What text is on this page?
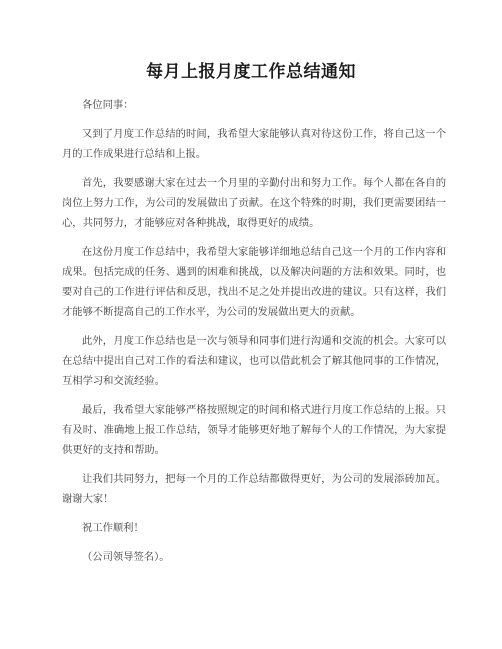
每月上报月度工作总结通知

各位同事：

又到了月度工作总结的时间，我希望大家能够认真对待这份工作，将自己这一个月的工作成果进行总结和上报。

首先，我要感谢大家在过去一个月里的辛勤付出和努力工作。每个人都在各自的岗位上努力工作，为公司的发展做出了贡献。在这个特殊的时期，我们更需要团结一心，共同努力，才能够应对各种挑战，取得更好的成绩。

在这份月度工作总结中，我希望大家能够详细地总结自己这一个月的工作内容和成果。包括完成的任务、遇到的困难和挑战，以及解决问题的方法和效果。同时，也要对自己的工作进行评估和反思，找出不足之处并提出改进的建议。只有这样，我们才能够不断提高自己的工作水平，为公司的发展做出更大的贡献。

此外，月度工作总结也是一次与领导和同事们进行沟通和交流的机会。大家可以在总结中提出自己对工作的看法和建议，也可以借此机会了解其他同事的工作情况，互相学习和交流经验。

最后，我希望大家能够严格按照规定的时间和格式进行月度工作总结的上报。只有及时、准确地上报工作总结，领导才能够更好地了解每个人的工作情况，为大家提供更好的支持和帮助。

让我们共同努力，把每一个月的工作总结都做得更好，为公司的发展添砖加瓦。谢谢大家！

祝工作顺利！

（公司领导签名）。
